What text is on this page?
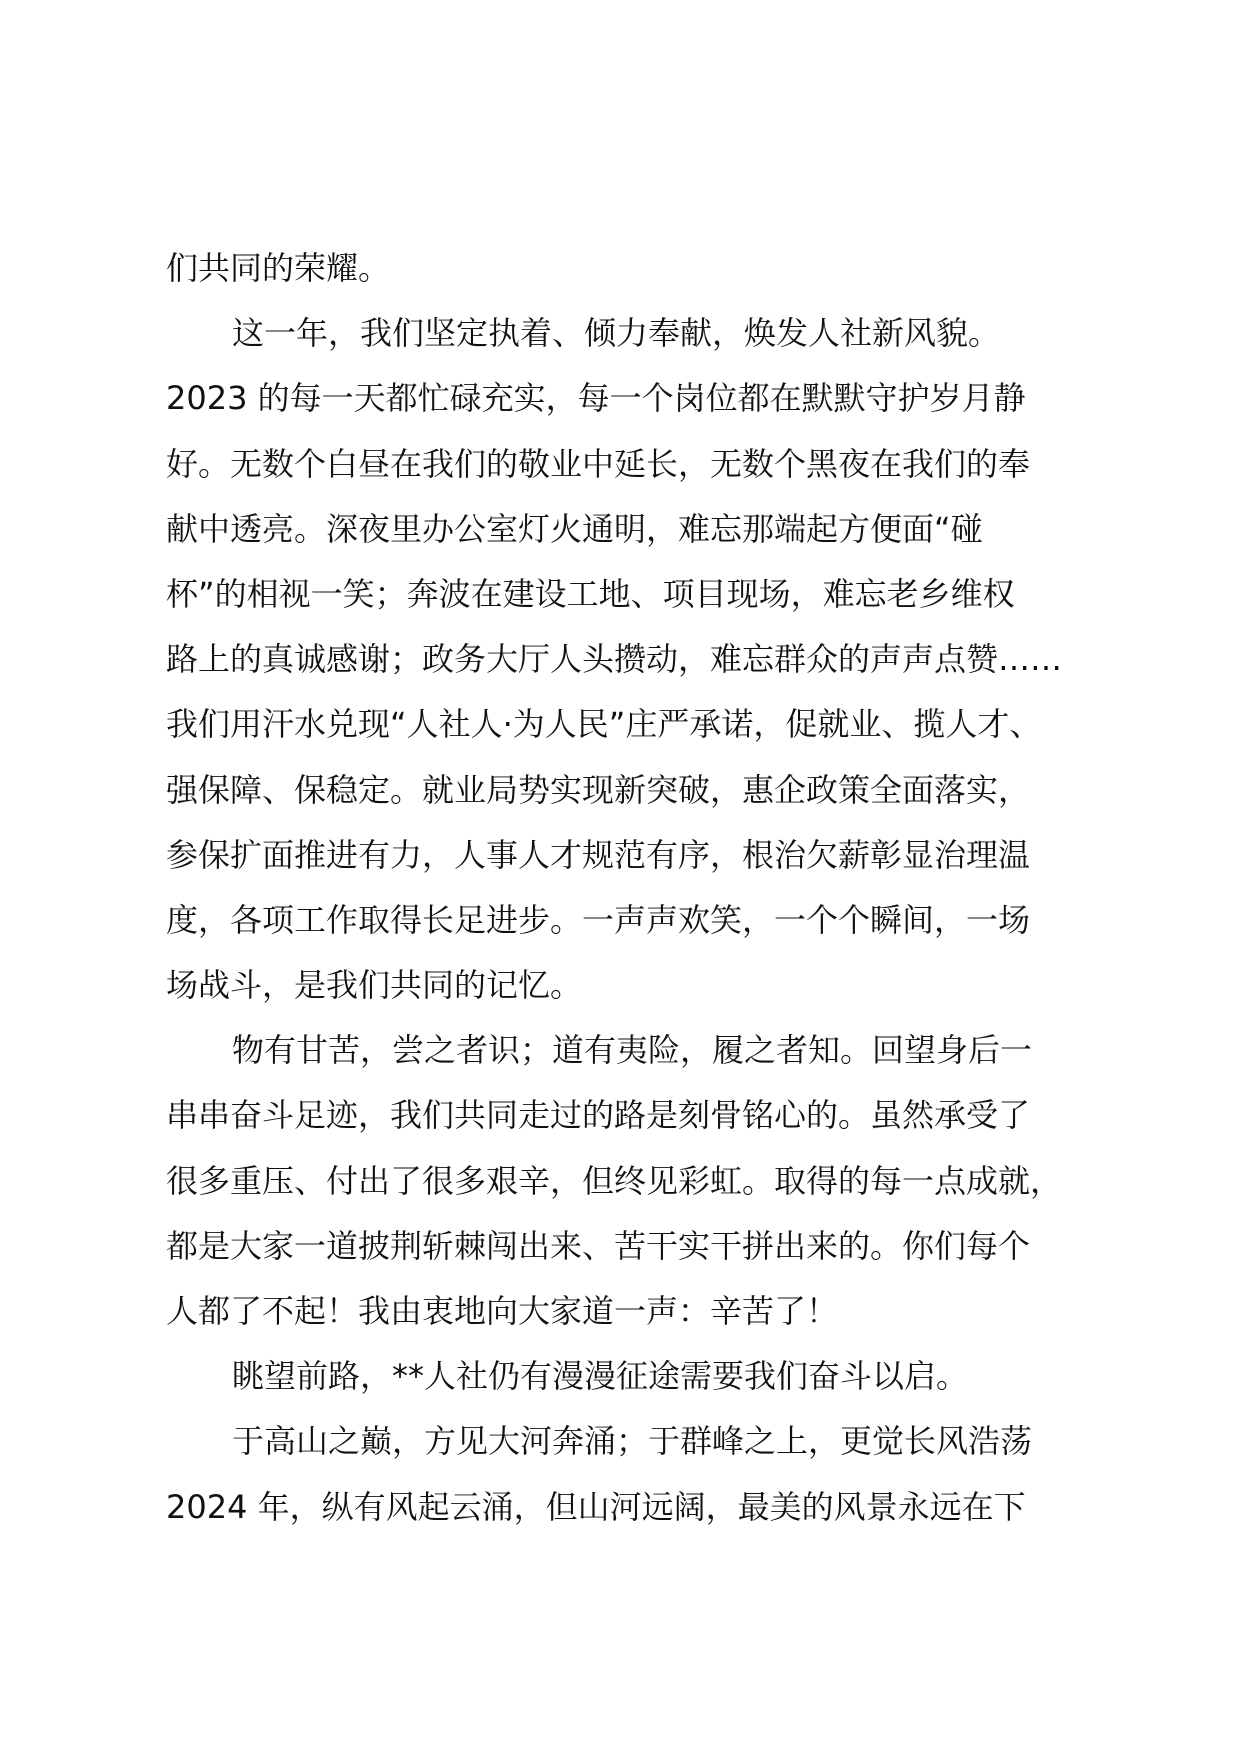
们共同的荣耀。
这一年，我们坚定执着、倾力奉献，焕发人社新风貌。
2023 的每一天都忙碌充实，每一个岗位都在默默守护岁月静
好。无数个白昼在我们的敬业中延长，无数个黑夜在我们的奉
献中透亮。深夜里办公室灯火通明，难忘那端起方便面“碰
杯”的相视一笑；奔波在建设工地、项目现场，难忘老乡维权
路上的真诚感谢；政务大厅人头攒动，难忘群众的声声点赞……
我们用汗水兑现“人社人·为人民”庄严承诺，促就业、揽人才、
强保障、保稳定。就业局势实现新突破，惠企政策全面落实，
参保扩面推进有力，人事人才规范有序，根治欠薪彰显治理温
度，各项工作取得长足进步。一声声欢笑，一个个瞬间，一场
场战斗，是我们共同的记忆。
物有甘苦，尝之者识；道有夷险，履之者知。回望身后一
串串奋斗足迹，我们共同走过的路是刻骨铭心的。虽然承受了
很多重压、付出了很多艰辛，但终见彩虹。取得的每一点成就，
都是大家一道披荆斩棘闯出来、苦干实干拼出来的。你们每个
人都了不起！我由衷地向大家道一声：辛苦了！
眺望前路，**人社仍有漫漫征途需要我们奋斗以启。
于高山之巅，方见大河奔涌；于群峰之上，更觉长风浩荡
2024 年，纵有风起云涌，但山河远阔，最美的风景永远在下
